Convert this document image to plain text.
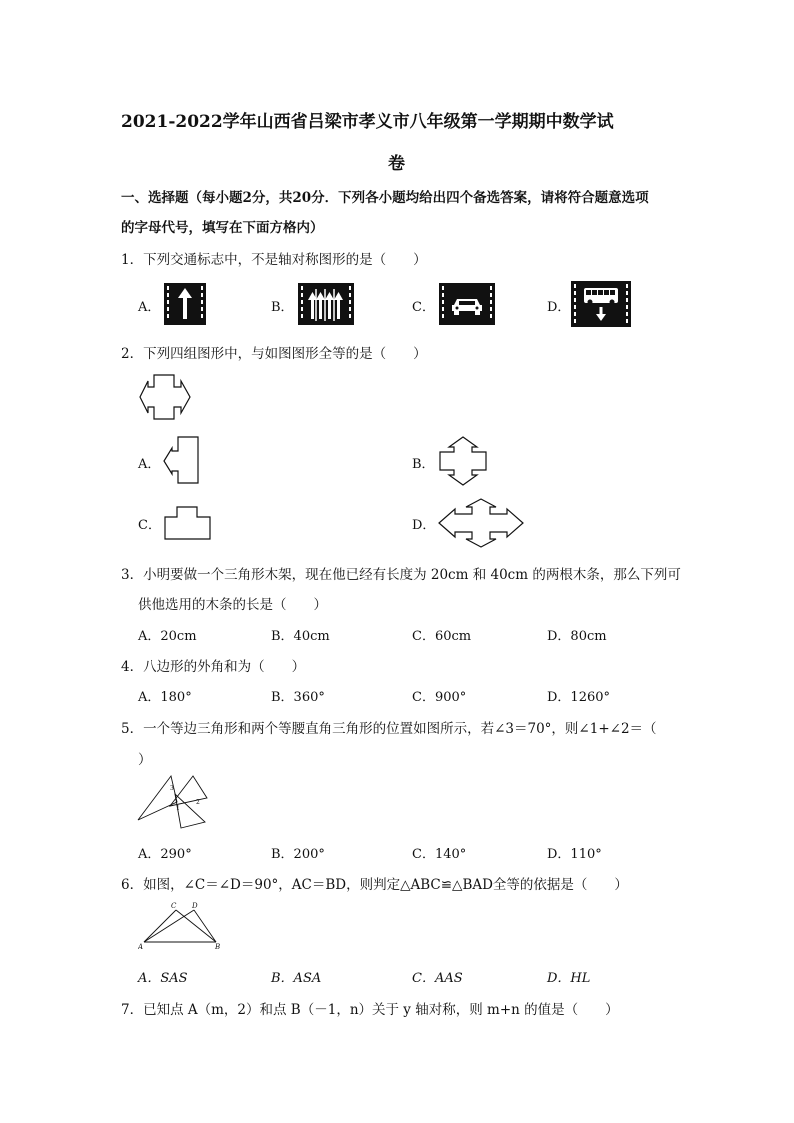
2021-2022学年山西省吕梁市孝义市八年级第一学期期中数学试
卷
一、选择题（每小题2分，共20分．下列各小题均给出四个备选答案，请将符合题意选项
的字母代号，填写在下面方格内）
1．下列交通标志中，不是轴对称图形的是（　　）
A．	B．	C．	D．
2．下列四组图形中，与如图图形全等的是（　　）
A．	B．
C．	D．
3．小明要做一个三角形木架，现在他已经有长度为 20cm 和 40cm 的两根木条，那么下列可
供他选用的木条的长是（　　）
A．20cm	B．40cm	C．60cm	D．80cm
4．八边形的外角和为（　　）
A．180°	B．360°	C．900°	D．1260°
5．一个等边三角形和两个等腰直角三角形的位置如图所示，若∠3＝70°，则∠1+∠2＝（
）
3
1
2
A．290°	B．200°	C．140°	D．110°
6．如图，∠C＝∠D＝90°，AC＝BD，则判定△ABC≌△BAD全等的依据是（　　）
C D
A	B
A．SAS	B．ASA	C．AAS	D．HL
7．已知点 A（m，2）和点 B（－1，n）关于 y 轴对称，则 m+n 的值是（　　）
